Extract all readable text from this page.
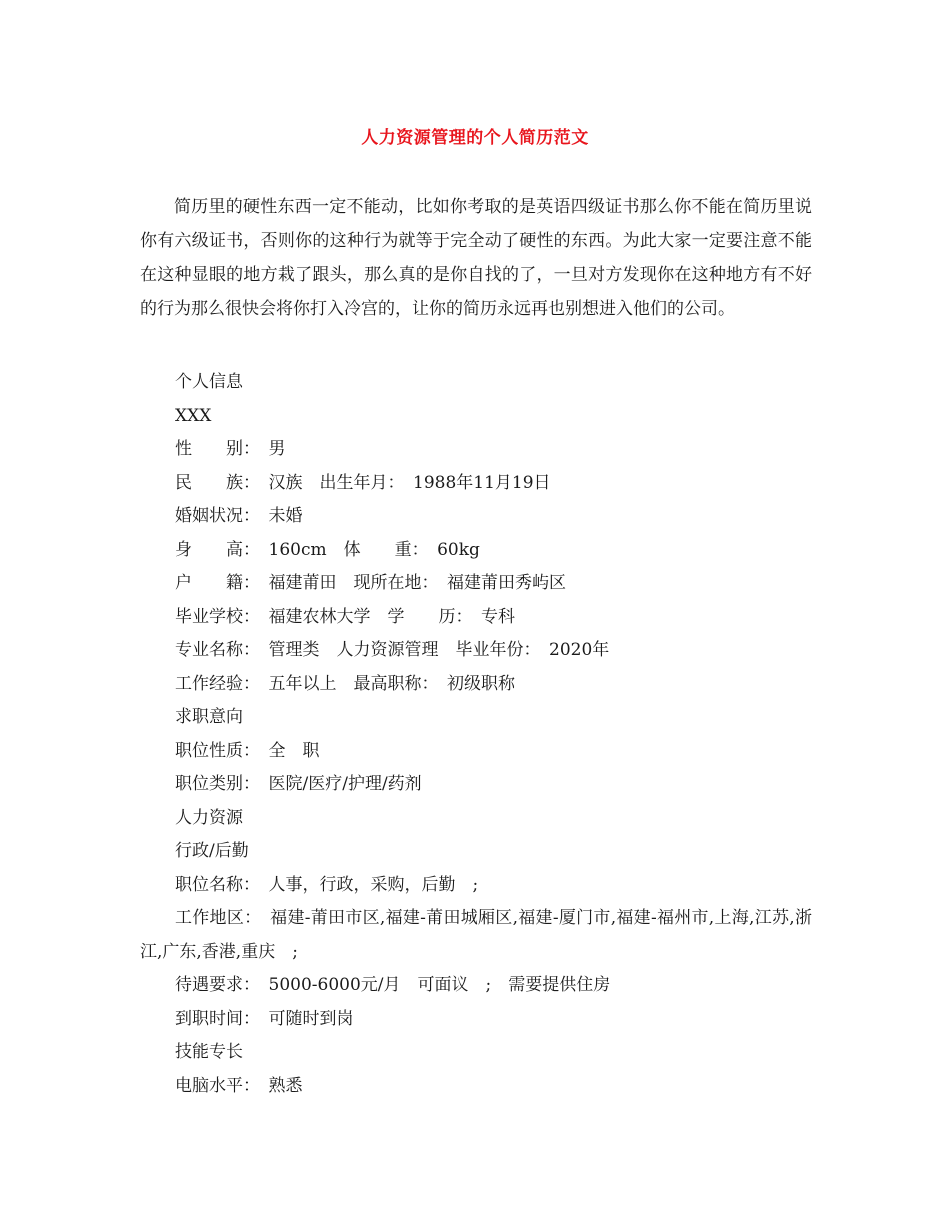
人力资源管理的个人简历范文

简历里的硬性东西一定不能动，比如你考取的是英语四级证书那么你不能在简历里说你有六级证书，否则你的这种行为就等于完全动了硬性的东西。为此大家一定要注意不能在这种显眼的地方栽了跟头，那么真的是你自找的了，一旦对方发现你在这种地方有不好的行为那么很快会将你打入冷宫的，让你的简历永远再也别想进入他们的公司。

个人信息
XXX
性　　别：　男
民　　族：　汉族　出生年月：　1988年11月19日
婚姻状况：　未婚
身　　高：　160cm　体　　重：　60kg
户　　籍：　福建莆田　现所在地：　福建莆田秀屿区
毕业学校：　福建农林大学　学　　历：　专科
专业名称：　管理类　人力资源管理　毕业年份：　2020年
工作经验：　五年以上　最高职称：　初级职称
求职意向
职位性质：　全　职
职位类别：　医院/医疗/护理/药剂
人力资源
行政/后勤
职位名称：　人事，行政，采购，后勤　;
工作地区：　福建-莆田市区,福建-莆田城厢区,福建-厦门市,福建-福州市,上海,江苏,浙江,广东,香港,重庆　;
待遇要求：　5000-6000元/月　可面议　;　需要提供住房
到职时间：　可随时到岗
技能专长
电脑水平：　熟悉
